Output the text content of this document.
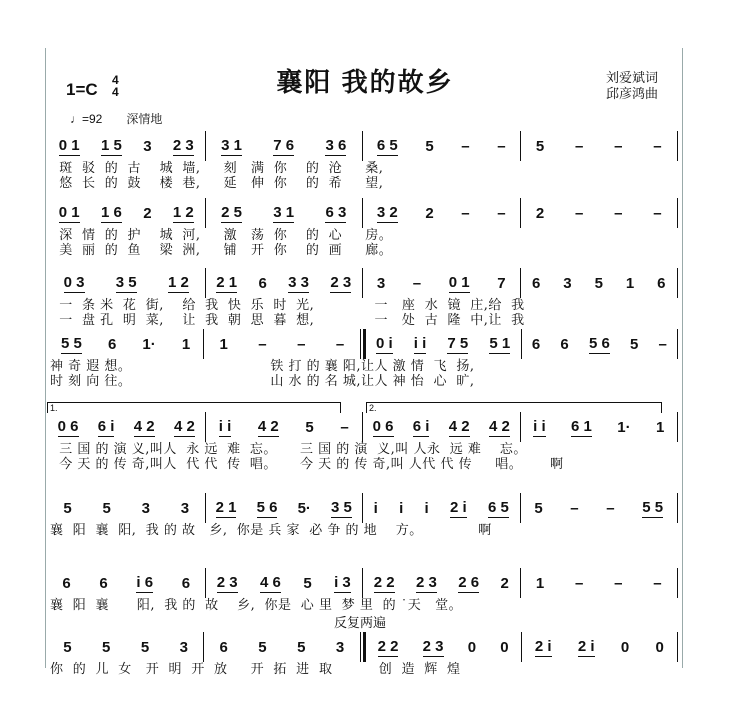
襄阳 我的故乡
1=C 4
4
刘爱斌词
邱彦鸿曲
♩=92 深情地
1.	2.
反复两遍
0 1 1 5 3 2 3 3 1 7 6 3 6 6 5 5 – – 5 – – –
斑  驳  的  古    城  墙,     刻   满  你    的  沧     桑,
悠  长  的  鼓    楼  巷,     延   伸  你    的  希     望,
0 1 1 6 2 1 2 2 5 3 1 6 3 3 2 2 – – 2 – – –
深  情  的  护    城  河,     激   荡  你    的  心     房。
美  丽  的  鱼    梁  洲,     铺   开  你    的  画     廊。
0 3 3 5 1 2 2 1 6 3 3 2 3 3 – 0 1 7 6 3 5 1 6
一  条 米  花  街,    给  我  快  乐  时  光,             一   座  水  镜  庄,给  我
一  盘 孔  明  菜,    让  我  朝  思  暮  想,             一   处  古  隆  中,让  我
5 5 6 1· 1 1 – – – 0 i i i 7 5 5 1 6 6 5 6 5 –
神 奇 遐 想。                              铁 打 的 襄 阳,让人 激 情  飞  扬,
时 刻 向 往。                              山 水 的 名 城,让人 神 怡  心  旷,
0 6 6 i 4 2 4 2 i i 4 2 5 – 0 6 6 i 4 2 4 2 i i 6 1 1· 1
三 国 的 演 义,叫人  永 远  难  忘。     三 国 的 演  义,叫 人永  远 难    忘。
今 天 的 传 奇,叫人  代 代  传  唱。     今 天 的 传 奇,叫 人代 代 传     唱。      啊
5 5 3 3 2 1 5 6 5· 3 5 i i i 2 i 6 5 5 – – 5 5
襄  阳  襄  阳,  我 的 故   乡,  你是 兵 家  必 争 的 地    方。            啊
6 6 i 6 6 2 3 4 6 5 i 3 2 2 2 3 2 6 2 1 – – –
襄  阳  襄      阳,  我 的  故    乡,  你是  心 里  梦 里  的 ˙天   堂。
5 5 5 3 6 5 5 3 2 2 2 3 0 0 2 i 2 i 0 0
你  的  儿  女   开  明  开  放     开  拓  进  取          创  造  辉  煌
